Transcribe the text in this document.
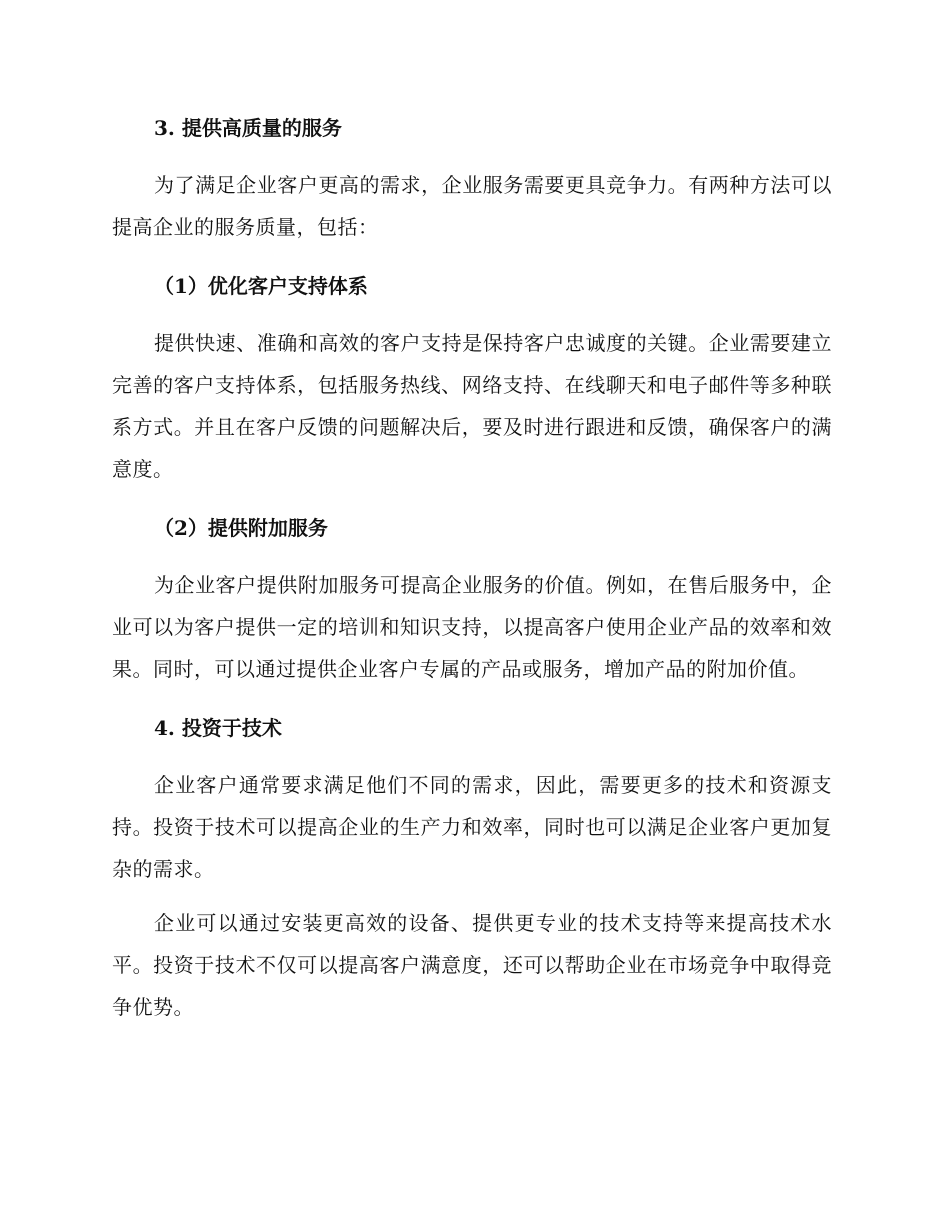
3. 提供高质量的服务

为了满足企业客户更高的需求，企业服务需要更具竞争力。有两种方法可以提高企业的服务质量，包括：

（1）优化客户支持体系

提供快速、准确和高效的客户支持是保持客户忠诚度的关键。企业需要建立完善的客户支持体系，包括服务热线、网络支持、在线聊天和电子邮件等多种联系方式。并且在客户反馈的问题解决后，要及时进行跟进和反馈，确保客户的满意度。

（2）提供附加服务

为企业客户提供附加服务可提高企业服务的价值。例如，在售后服务中，企业可以为客户提供一定的培训和知识支持，以提高客户使用企业产品的效率和效果。同时，可以通过提供企业客户专属的产品或服务，增加产品的附加价值。

4. 投资于技术

企业客户通常要求满足他们不同的需求，因此，需要更多的技术和资源支持。投资于技术可以提高企业的生产力和效率，同时也可以满足企业客户更加复杂的需求。

企业可以通过安装更高效的设备、提供更专业的技术支持等来提高技术水平。投资于技术不仅可以提高客户满意度，还可以帮助企业在市场竞争中取得竞争优势。
